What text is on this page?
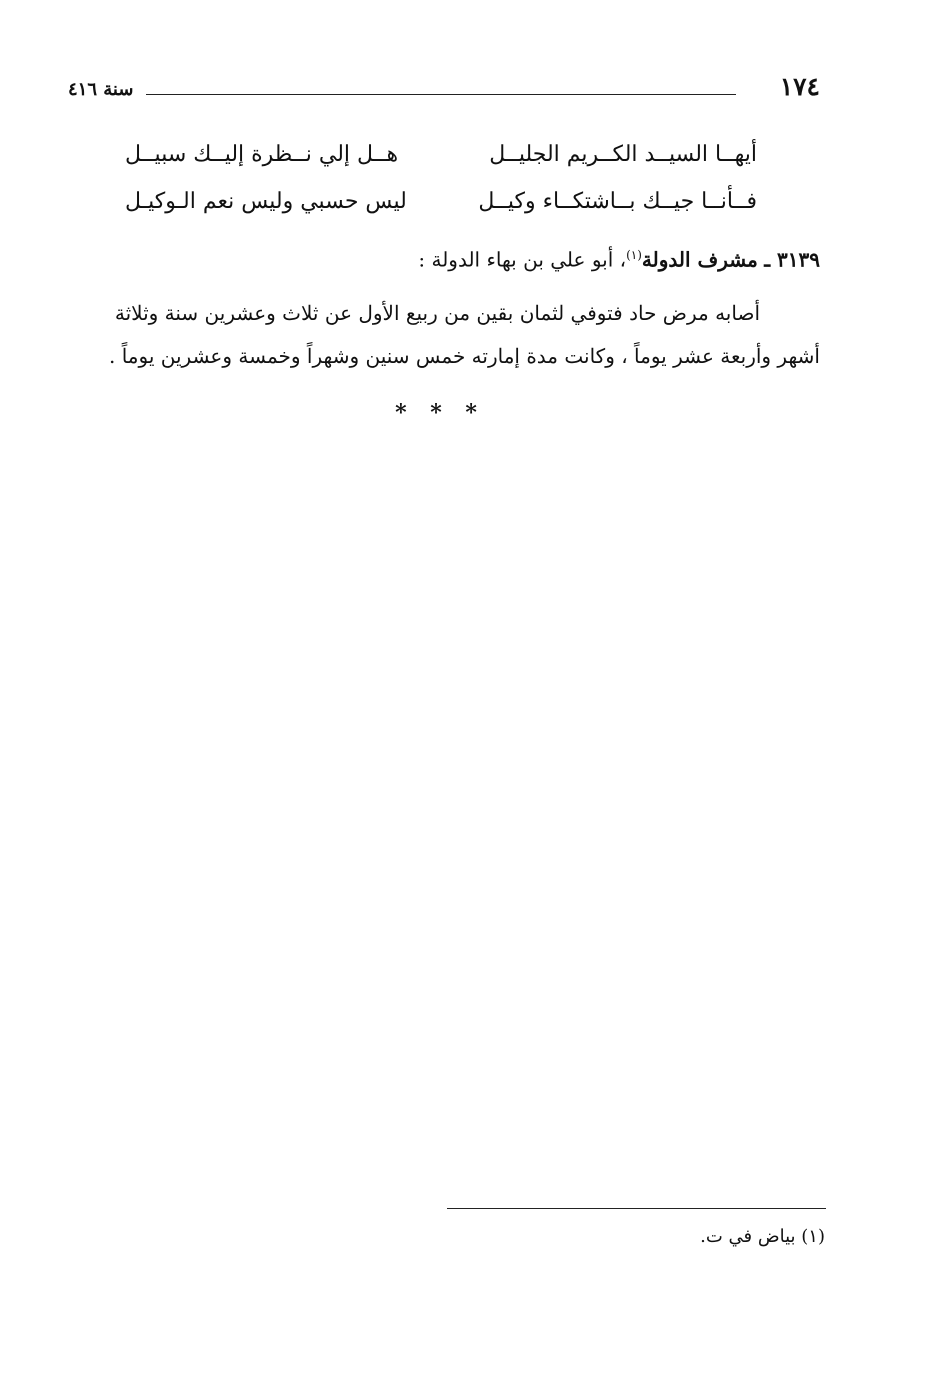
١٧٤
سنة ٤١٦
أيهــا السيــد الكــريم الجليــل
هــل إلي نــظرة إليــك سبيــل
فــأنــا جيــك بــاشتكــاء وكيــل
ليس حسبي وليس نعم الـوكيـل
٣١٣٩ ـ مشرف الدولة$^{(١)}$، أبو علي بن بهاء الدولة :
أصابه مرض حاد فتوفي لثمان بقين من ربيع الأول عن ثلاث وعشرين سنة وثلاثة
أشهر وأربعة عشر يوماً ، وكانت مدة إمارته خمس سنين وشهراً وخمسة وعشرين يوماً .
* * *
(١) بياض في ت.
